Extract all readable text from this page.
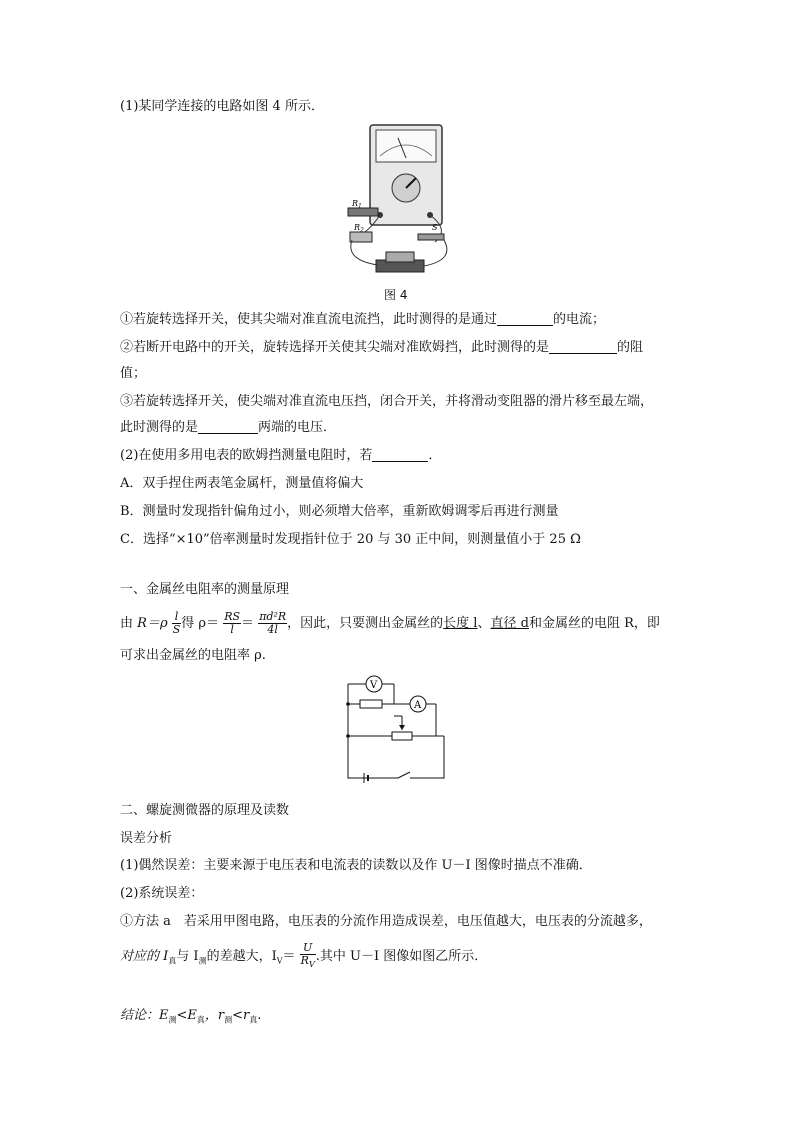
(1)某同学连接的电路如图 4 所示．
$R_1$
$R_2$	S
图 4
①若旋转选择开关，使其尖端对准直流电流挡，此时测得的是通过	的电流；
②若断开电路中的开关，旋转选择开关使其尖端对准欧姆挡，此时测得的是	的阻
值；
③若旋转选择开关，使尖端对准直流电压挡，闭合开关，并将滑动变阻器的滑片移至最左端，
此时测得的是	两端的电压．
(2)在使用多用电表的欧姆挡测量电阻时，若	．
A．双手捏住两表笔金属杆，测量值将偏大
B．测量时发现指针偏角过小，则必须增大倍率，重新欧姆调零后再进行测量
C．选择“×10”倍率测量时发现指针位于 20 与 30 正中间，则测量值小于 25 Ω
一、金属丝电阻率的测量原理
由 $R=\rho \frac{l}{S}$ 得 $\rho= \frac{RS}{l} = \frac{\text{πd²R}}{4l}$ ，因此，只要测出金属丝的长度 l、直径 d和金属丝的电阻 R，即
可求出金属丝的电阻率 ρ.
V
A
二、螺旋测微器的原理及读数
误差分析
(1)偶然误差：主要来源于电压表和电流表的读数以及作 U－I 图像时描点不准确．
(2)系统误差：
①方法 a　若采用甲图电路，电压表的分流作用造成误差，电压值越大，电压表的分流越多，
对应的 $I_真$与 $I_测$的差越大，$I_V= \frac{U}{R_V}$ .其中 U－I 图像如图乙所示．
结论：$E_测<E_真$，$r_测<r_真$.
